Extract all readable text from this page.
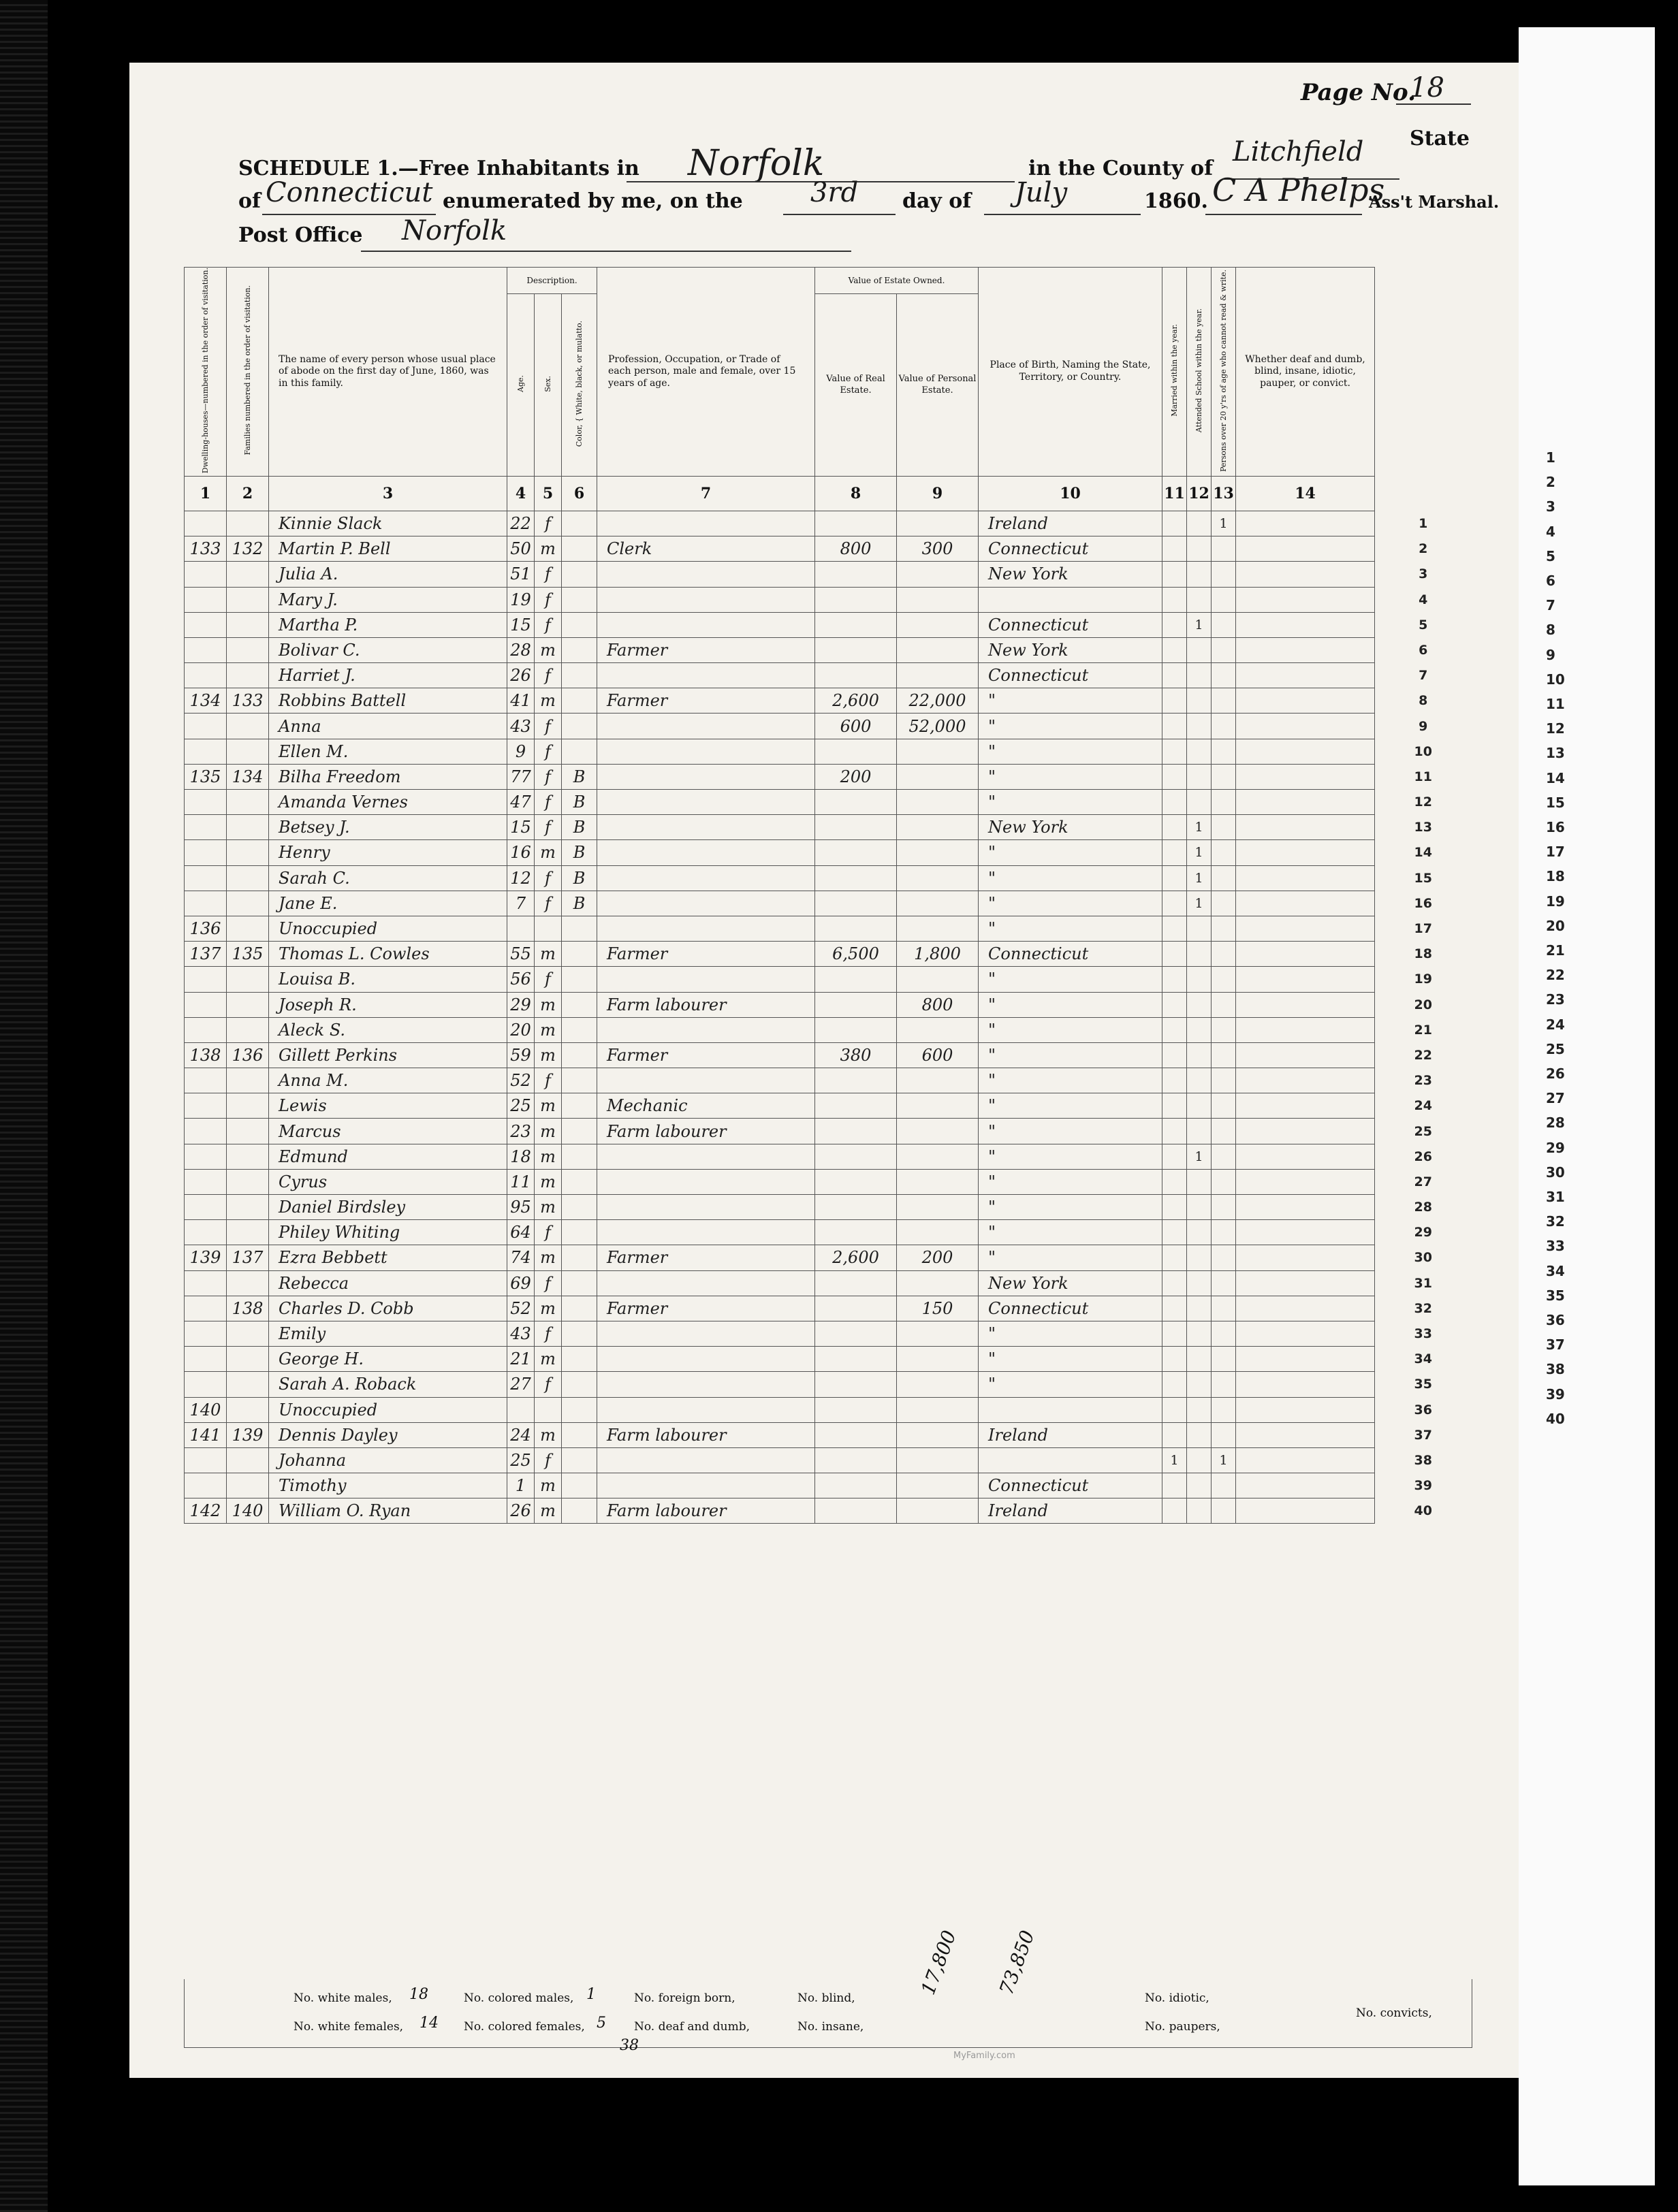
1
2
3
4
5
6
7
8
9
10
11
12
13
14
15
16
17
18
19
20
21
22
23
24
25
26
27
28
29
30
31
32
33
34
35
36
37
38
39
40
Page No.
18
SCHEDULE 1.—Free Inhabitants in Norfolk	in the County of
Litchfield State
of Connecticut enumerated by me, on the 3rd day of July	1860. C A Phelps
Ass't Marshal.
Post Office Norfolk
Dwelling-houses—numbered in the order of visitation.	Families numbered in the order of visitation.	The name of every person whose usual place of abode on the first day of June, 1860, was in this family.	Description.			Profession, Occupation, or Trade of each person, male and female, over 15 years of age.	Value of Estate Owned.		Place of Birth, Naming the State, Territory, or Country.	Married within the year.	Attended School within the year.	Persons over 20 y'rs of age who cannot read & write.	Whether deaf and dumb, blind, insane, idiotic, pauper, or convict.	
			Age.	Sex.	Color, { White, black, or mulatto.		Value of Real Estate.	Value of Personal Estate.						
1	2	3	4	5	6	7	8	9	10	11	12	13	14	
		Kinnie Slack	22	f					Ireland			1		1
133	132	Martin P. Bell	50	m		Clerk	800	300	Connecticut					2
		Julia A.	51	f					New York					3
		Mary J.	19	f										4
		Martha P.	15	f					Connecticut		1			5
		Bolivar C.	28	m		Farmer			New York					6
		Harriet J.	26	f					Connecticut					7
134	133	Robbins Battell	41	m		Farmer	2,600	22,000	"					8
		Anna	43	f			600	52,000	"					9
		Ellen M.	9	f					"					10
135	134	Bilha Freedom	77	f	B		200		"					11
		Amanda Vernes	47	f	B				"					12
		Betsey J.	15	f	B				New York		1			13
		Henry	16	m	B				"		1			14
		Sarah C.	12	f	B				"		1			15
		Jane E.	7	f	B				"		1			16
136		Unoccupied							"					17
137	135	Thomas L. Cowles	55	m		Farmer	6,500	1,800	Connecticut					18
		Louisa B.	56	f					"					19
		Joseph R.	29	m		Farm labourer		800	"					20
		Aleck S.	20	m					"					21
138	136	Gillett Perkins	59	m		Farmer	380	600	"					22
		Anna M.	52	f					"					23
		Lewis	25	m		Mechanic			"					24
		Marcus	23	m		Farm labourer			"					25
		Edmund	18	m					"		1			26
		Cyrus	11	m					"					27
		Daniel Birdsley	95	m					"					28
		Philey Whiting	64	f					"					29
139	137	Ezra Bebbett	74	m		Farmer	2,600	200	"					30
		Rebecca	69	f					New York					31
	138	Charles D. Cobb	52	m		Farmer		150	Connecticut					32
		Emily	43	f					"					33
		George H.	21	m					"					34
		Sarah A. Roback	27	f					"					35
140		Unoccupied												36
141	139	Dennis Dayley	24	m		Farm labourer			Ireland					37
		Johanna	25	f						1		1		38
		Timothy	1	m					Connecticut					39
142	140	William O. Ryan	26	m		Farm labourer			Ireland					40
No. white males, 18	No. colored males, 1	No. foreign born,	No. blind,
No. white females, 14 No. colored females, 5 No. deaf and dumb,	No. insane,
17,800 73,850
No. idiotic,
No. paupers,
No. convicts,
38
MyFamily.com
